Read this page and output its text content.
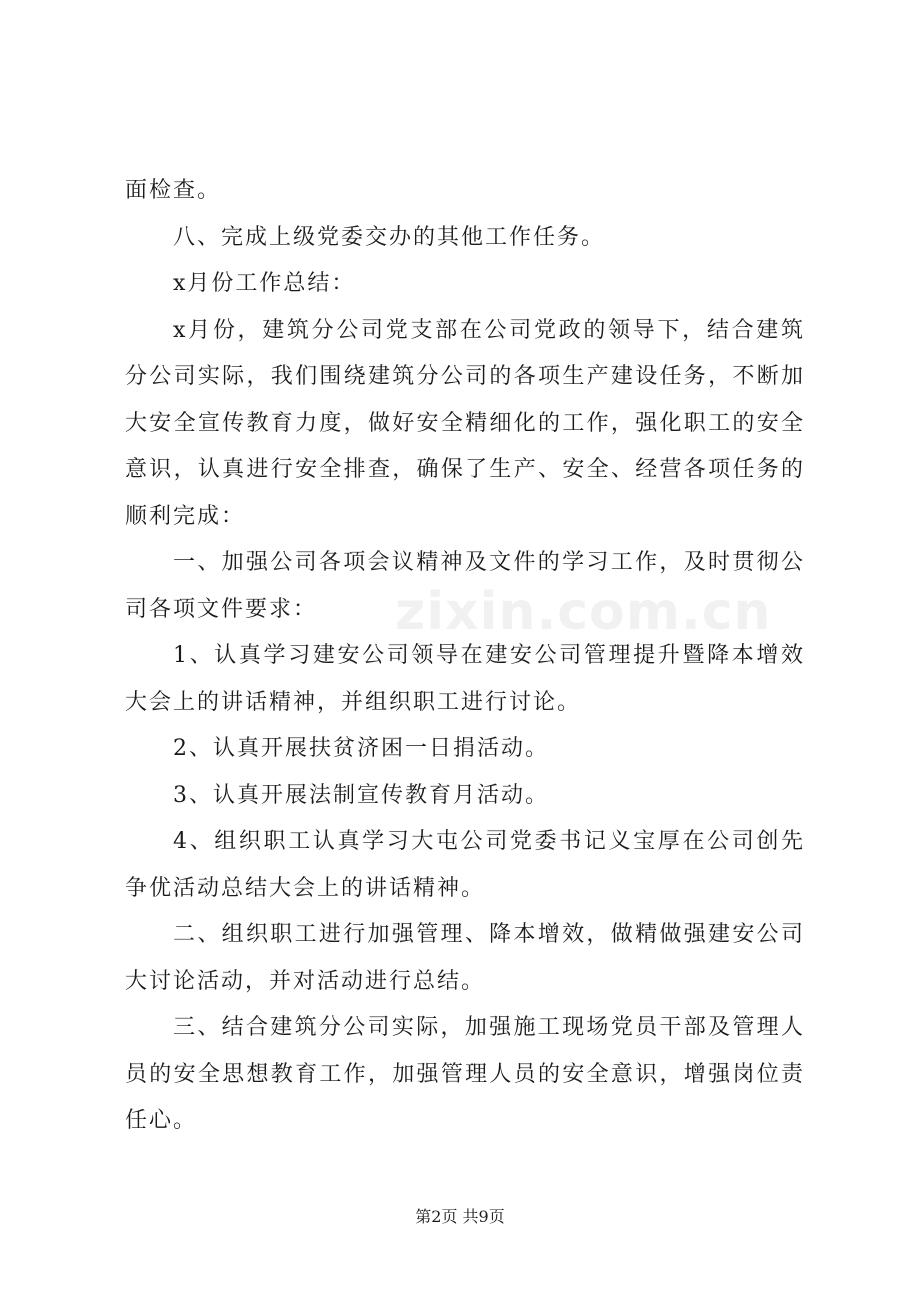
面检查。

八、完成上级党委交办的其他工作任务。

x月份工作总结：

x月份，建筑分公司党支部在公司党政的领导下，结合建筑分公司实际，我们围绕建筑分公司的各项生产建设任务，不断加大安全宣传教育力度，做好安全精细化的工作，强化职工的安全意识，认真进行安全排查，确保了生产、安全、经营各项任务的顺利完成：

一、加强公司各项会议精神及文件的学习工作，及时贯彻公司各项文件要求：

1、认真学习建安公司领导在建安公司管理提升暨降本增效大会上的讲话精神，并组织职工进行讨论。

2、认真开展扶贫济困一日捐活动。

3、认真开展法制宣传教育月活动。

4、组织职工认真学习大屯公司党委书记义宝厚在公司创先争优活动总结大会上的讲话精神。

二、组织职工进行加强管理、降本增效，做精做强建安公司大讨论活动，并对活动进行总结。

三、结合建筑分公司实际，加强施工现场党员干部及管理人员的安全思想教育工作，加强管理人员的安全意识，增强岗位责任心。

zixin.com.cn
第2页 共9页
